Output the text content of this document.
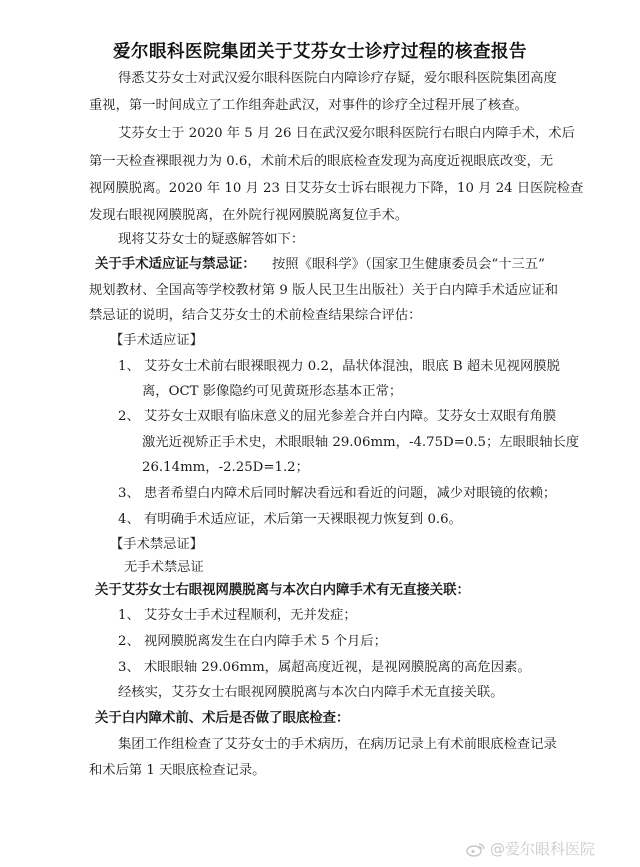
爱尔眼科医院集团关于艾芬女士诊疗过程的核查报告
得悉艾芬女士对武汉爱尔眼科医院白内障诊疗存疑，爱尔眼科医院集团高度
重视，第一时间成立了工作组奔赴武汉，对事件的诊疗全过程开展了核查。
艾芬女士于 2020 年 5 月 26 日在武汉爱尔眼科医院行右眼白内障手术，术后
第一天检查裸眼视力为 0.6，术前术后的眼底检查发现为高度近视眼底改变，无
视网膜脱离。2020 年 10 月 23 日艾芬女士诉右眼视力下降，10 月 24 日医院检查
发现右眼视网膜脱离，在外院行视网膜脱离复位手术。
现将艾芬女士的疑惑解答如下：
关于手术适应证与禁忌证： 按照《眼科学》（国家卫生健康委员会“十三五”
规划教材、全国高等学校教材第 9 版人民卫生出版社）关于白内障手术适应证和
禁忌证的说明，结合艾芬女士的术前检查结果综合评估：
【手术适应证】
1、 艾芬女士术前右眼裸眼视力 0.2，晶状体混浊，眼底 B 超未见视网膜脱
离，OCT 影像隐约可见黄斑形态基本正常；
2、 艾芬女士双眼有临床意义的屈光参差合并白内障。艾芬女士双眼有角膜
激光近视矫正手术史，术眼眼轴 29.06mm，-4.75D=0.5；左眼眼轴长度
26.14mm，-2.25D=1.2；
3、 患者希望白内障术后同时解决看远和看近的问题，减少对眼镜的依赖；
4、 有明确手术适应证，术后第一天裸眼视力恢复到 0.6。
【手术禁忌证】
无手术禁忌证
关于艾芬女士右眼视网膜脱离与本次白内障手术有无直接关联：
1、 艾芬女士手术过程顺利，无并发症；
2、 视网膜脱离发生在白内障手术 5 个月后；
3、 术眼眼轴 29.06mm，属超高度近视，是视网膜脱离的高危因素。
经核实，艾芬女士右眼视网膜脱离与本次白内障手术无直接关联。
关于白内障术前、术后是否做了眼底检查：
集团工作组检查了艾芬女士的手术病历，在病历记录上有术前眼底检查记录
和术后第 1 天眼底检查记录。
@爱尔眼科医院
